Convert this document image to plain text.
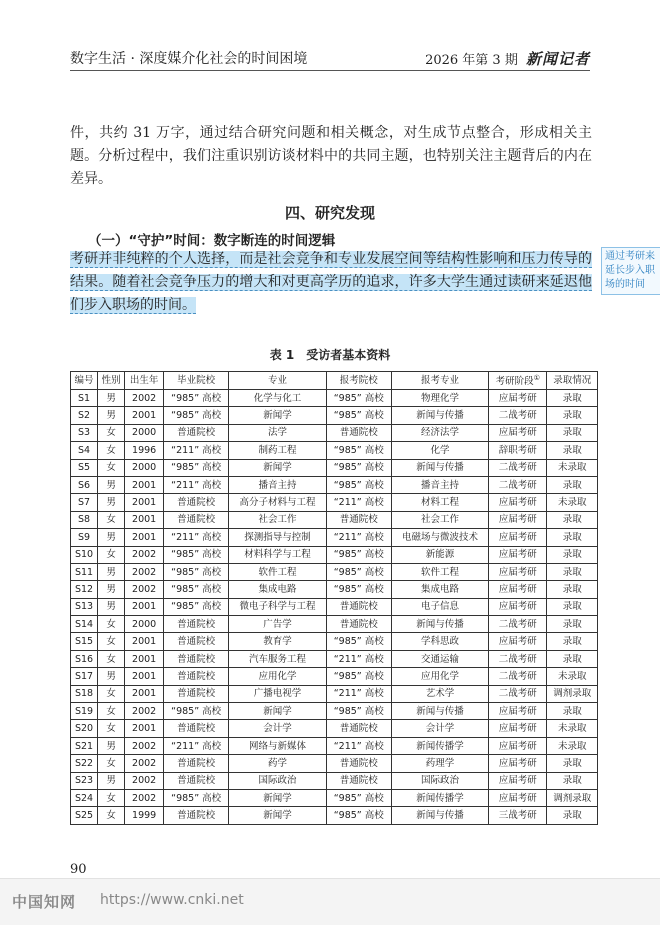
数字生活 · 深度媒介化社会的时间困境	2026 年第 3 期 新闻记者

件，共约 31 万字，通过结合研究问题和相关概念，对生成节点整合，形成相关主题。分析过程中，我们注重识别访谈材料中的共同主题，也特别关注主题背后的内在差异。

四、研究发现
（一）“守护”时间：数字断连的时间逻辑

考研并非纯粹的个人选择，而是社会竞争和专业发展空间等结构性影响和压力传导的结果。随着社会竞争压力的增大和对更高学历的追求，许多大学生通过读研来延迟他们步入职场的时间。

通过考研来延长步入职场的时间
表 1　受访者基本资料
编号	性别	出生年	毕业院校	专业	报考院校	报考专业	考研阶段①	录取情况
S1	男	2002	“985” 高校	化学与化工	“985” 高校	物理化学	应届考研	录取
S2	男	2001	“985” 高校	新闻学	“985” 高校	新闻与传播	二战考研	录取
S3	女	2000	普通院校	法学	普通院校	经济法学	应届考研	录取
S4	女	1996	“211” 高校	制药工程	“985” 高校	化学	辞职考研	录取
S5	女	2000	“985” 高校	新闻学	“985” 高校	新闻与传播	二战考研	未录取
S6	男	2001	“211” 高校	播音主持	“985” 高校	播音主持	二战考研	录取
S7	男	2001	普通院校	高分子材料与工程	“211” 高校	材料工程	应届考研	未录取
S8	女	2001	普通院校	社会工作	普通院校	社会工作	应届考研	录取
S9	男	2001	“211” 高校	探测指导与控制	“211” 高校	电磁场与微波技术	应届考研	录取
S10	女	2002	“985” 高校	材料科学与工程	“985” 高校	新能源	应届考研	录取
S11	男	2002	“985” 高校	软件工程	“985” 高校	软件工程	应届考研	录取
S12	男	2002	“985” 高校	集成电路	“985” 高校	集成电路	应届考研	录取
S13	男	2001	“985” 高校	微电子科学与工程	普通院校	电子信息	应届考研	录取
S14	女	2000	普通院校	广告学	普通院校	新闻与传播	二战考研	录取
S15	女	2001	普通院校	教育学	“985” 高校	学科思政	应届考研	录取
S16	女	2001	普通院校	汽车服务工程	“211” 高校	交通运输	二战考研	录取
S17	男	2001	普通院校	应用化学	“985” 高校	应用化学	二战考研	未录取
S18	女	2001	普通院校	广播电视学	“211” 高校	艺术学	二战考研	调剂录取
S19	女	2002	“985” 高校	新闻学	“985” 高校	新闻与传播	应届考研	录取
S20	女	2001	普通院校	会计学	普通院校	会计学	应届考研	未录取
S21	男	2002	“211” 高校	网络与新媒体	“211” 高校	新闻传播学	应届考研	未录取
S22	女	2002	普通院校	药学	普通院校	药理学	应届考研	录取
S23	男	2002	普通院校	国际政治	普通院校	国际政治	应届考研	录取
S24	女	2002	“985” 高校	新闻学	“985” 高校	新闻传播学	应届考研	调剂录取
S25	女	1999	普通院校	新闻学	“985” 高校	新闻与传播	三战考研	录取
90
中国知网 https://www.cnki.net
